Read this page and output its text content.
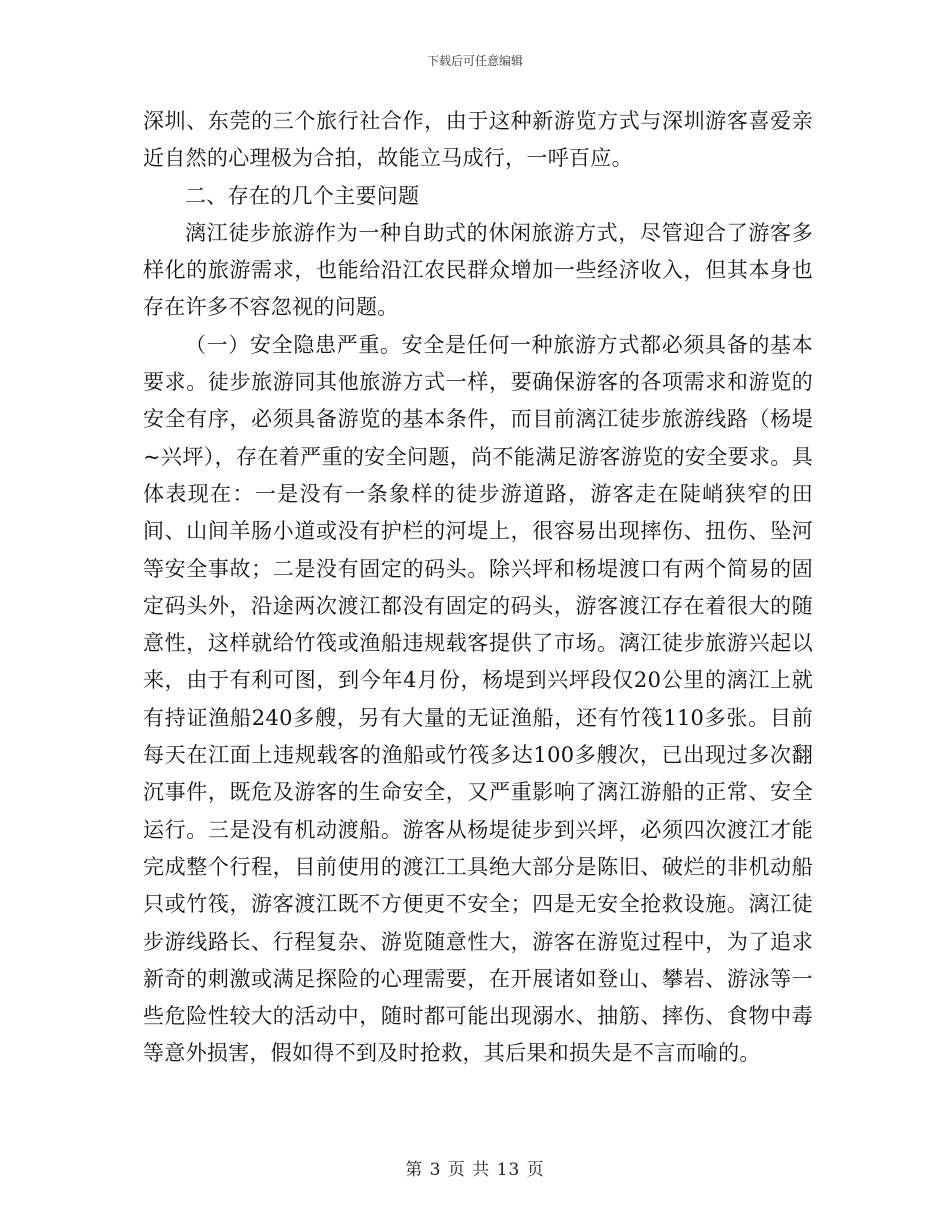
下载后可任意编辑

深圳、东莞的三个旅行社合作，由于这种新游览方式与深圳游客喜爱亲近自然的心理极为合拍，故能立马成行，一呼百应。

二、存在的几个主要问题

漓江徒步旅游作为一种自助式的休闲旅游方式，尽管迎合了游客多样化的旅游需求，也能给沿江农民群众增加一些经济收入，但其本身也存在许多不容忽视的问题。

（一）安全隐患严重。安全是任何一种旅游方式都必须具备的基本要求。徒步旅游同其他旅游方式一样，要确保游客的各项需求和游览的安全有序，必须具备游览的基本条件，而目前漓江徒步旅游线路（杨堤~兴坪），存在着严重的安全问题，尚不能满足游客游览的安全要求。具体表现在：一是没有一条象样的徒步游道路，游客走在陡峭狭窄的田间、山间羊肠小道或没有护栏的河堤上，很容易出现摔伤、扭伤、坠河等安全事故；二是没有固定的码头。除兴坪和杨堤渡口有两个简易的固定码头外，沿途两次渡江都没有固定的码头，游客渡江存在着很大的随意性，这样就给竹筏或渔船违规载客提供了市场。漓江徒步旅游兴起以来，由于有利可图，到今年4月份，杨堤到兴坪段仅20公里的漓江上就有持证渔船240多艘，另有大量的无证渔船，还有竹筏110多张。目前每天在江面上违规载客的渔船或竹筏多达100多艘次，已出现过多次翻沉事件，既危及游客的生命安全，又严重影响了漓江游船的正常、安全运行。三是没有机动渡船。游客从杨堤徒步到兴坪，必须四次渡江才能完成整个行程，目前使用的渡江工具绝大部分是陈旧、破烂的非机动船只或竹筏，游客渡江既不方便更不安全；四是无安全抢救设施。漓江徒步游线路长、行程复杂、游览随意性大，游客在游览过程中，为了追求新奇的刺激或满足探险的心理需要，在开展诸如登山、攀岩、游泳等一些危险性较大的活动中，随时都可能出现溺水、抽筋、摔伤、食物中毒等意外损害，假如得不到及时抢救，其后果和损失是不言而喻的。

第 3 页 共 13 页
